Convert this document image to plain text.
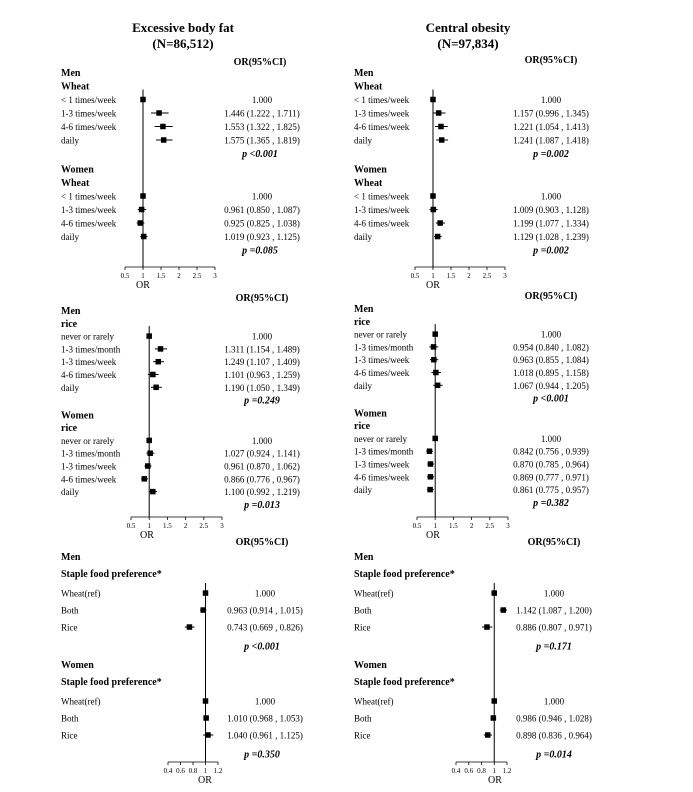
Excessive body fat
(N=86,512)
Central obesity
(N=97,834)
OR(95%CI)
Men
Wheat
< 1 times/week	1.000
1-3 times/week	1.446 (1.222 , 1.711)
4-6 times/week	1.553 (1.322 , 1.825)
daily	1.575 (1.365 , 1.819)
p <0.001
Women
Wheat
< 1 times/week	1.000
1-3 times/week	0.961 (0.850 , 1.087)
4-6 times/week	0.925 (0.825 , 1.038)
daily	1.019 (0.923 , 1.125)
p =0.085
0.5 1 1.5 2 2.5 3
OR
OR(95%CI)
Men
Wheat
< 1 times/week	1.000
1-3 times/week	1.157 (0.996 , 1.345)
4-6 times/week	1.221 (1.054 , 1.413)
daily	1.241 (1.087 , 1.418)
p =0.002
Women
Wheat
< 1 times/week	1.000
1-3 times/week	1.009 (0.903 , 1.128)
4-6 times/week	1.199 (1.077 , 1.334)
daily	1.129 (1.028 , 1.239)
p =0.002
0.5 1 1.5 2 2.5 3
OR
OR(95%CI)
Men
rice
never or rarely	1.000
1-3 times/month	1.311 (1.154 , 1.489)
1-3 times/week	1.249 (1.107 , 1.409)
4-6 times/week	1.101 (0.963 , 1.259)
daily	1.190 (1.050 , 1.349)
p =0.249
Women
rice
never or rarely	1.000
1-3 times/month	1.027 (0.924 , 1.141)
1-3 times/week	0.961 (0.870 , 1.062)
4-6 times/week	0.866 (0.776 , 0.967)
daily	1.100 (0.992 , 1.219)
p =0.013
0.5 1 1.5 2 2.5 3
OR
OR(95%CI)
Men
rice
never or rarely	1.000
1-3 times/month	0.954 (0.840 , 1.082)
1-3 times/week	0.963 (0.855 , 1.084)
4-6 times/week	1.018 (0.895 , 1.158)
daily	1.067 (0.944 , 1.205)
p <0.001
Women
rice
never or rarely	1.000
1-3 times/month	0.842 (0.756 , 0.939)
1-3 times/week	0.870 (0.785 , 0.964)
4-6 times/week	0.869 (0.777 , 0.971)
daily	0.861 (0.775 , 0.957)
p =0.382
0.5 1 1.5 2 2.5 3
OR
OR(95%CI)
Men
Staple food preference*
Wheat(ref)	1.000
Both	0.963 (0.914 , 1.015)
Rice	0.743 (0.669 , 0.826)
p <0.001
Women
Staple food preference*
Wheat(ref)	1.000
Both	1.010 (0.968 , 1.053)
Rice	1.040 (0.961 , 1.125)
p =0.350
0.4 0.6 0.8 1 1.2
OR
OR(95%CI)
Men
Staple food preference*
Wheat(ref)	1.000
Both	1.142 (1.087 , 1.200)
Rice	0.886 (0.807 , 0.971)
p =0.171
Women
Staple food preference*
Wheat(ref)	1.000
Both	0.986 (0.946 , 1.028)
Rice	0.898 (0.836 , 0.964)
p =0.014
0.4 0.6 0.8 1 1.2
OR
